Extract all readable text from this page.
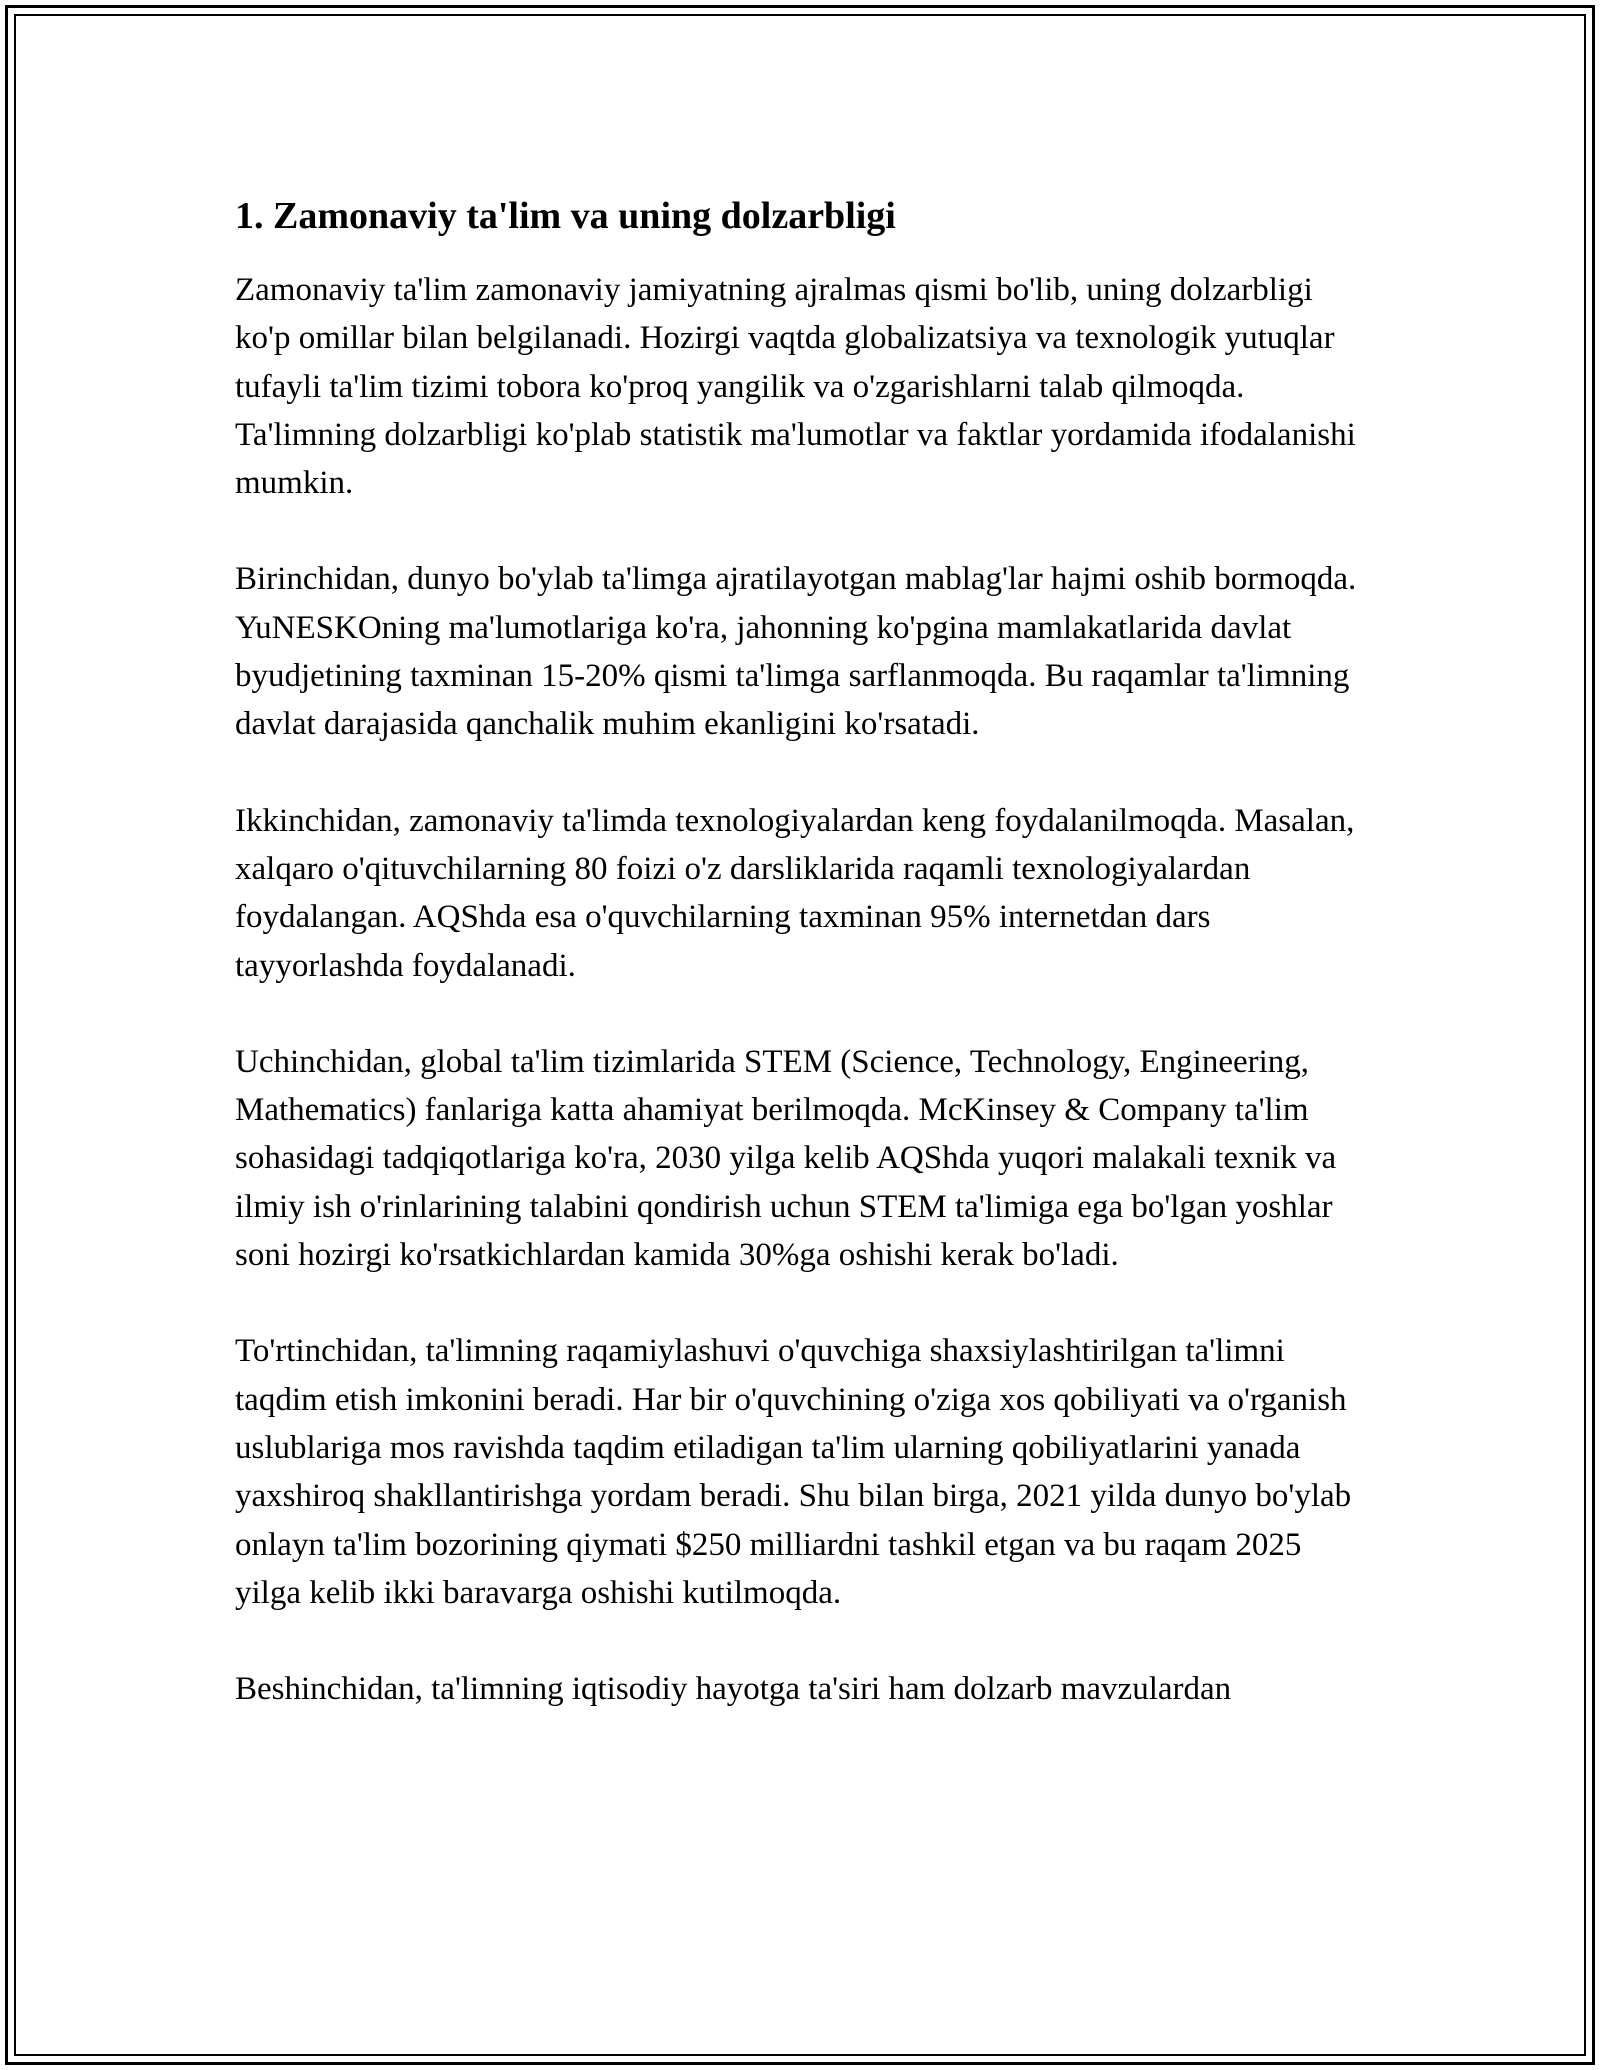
1. Zamonaviy ta'lim va uning dolzarbligi

Zamonaviy ta'lim zamonaviy jamiyatning ajralmas qismi bo'lib, uning dolzarbligi ko'p omillar bilan belgilanadi. Hozirgi vaqtda globalizatsiya va texnologik yutuqlar tufayli ta'lim tizimi tobora ko'proq yangilik va o'zgarishlarni talab qilmoqda. Ta'limning dolzarbligi ko'plab statistik ma'lumotlar va faktlar yordamida ifodalanishi mumkin.

Birinchidan, dunyo bo'ylab ta'limga ajratilayotgan mablag'lar hajmi oshib bormoqda. YuNESKOning ma'lumotlariga ko'ra, jahonning ko'pgina mamlakatlarida davlat byudjetining taxminan 15-20% qismi ta'limga sarflanmoqda. Bu raqamlar ta'limning davlat darajasida qanchalik muhim ekanligini ko'rsatadi.

Ikkinchidan, zamonaviy ta'limda texnologiyalardan keng foydalanilmoqda. Masalan, xalqaro o'qituvchilarning 80 foizi o'z darsliklarida raqamli texnologiyalardan foydalangan. AQShda esa o'quvchilarning taxminan 95% internetdan dars tayyorlashda foydalanadi.

Uchinchidan, global ta'lim tizimlarida STEM (Science, Technology, Engineering, Mathematics) fanlariga katta ahamiyat berilmoqda. McKinsey & Company ta'lim sohasidagi tadqiqotlariga ko'ra, 2030 yilga kelib AQShda yuqori malakali texnik va ilmiy ish o'rinlarining talabini qondirish uchun STEM ta'limiga ega bo'lgan yoshlar soni hozirgi ko'rsatkichlardan kamida 30%ga oshishi kerak bo'ladi.

To'rtinchidan, ta'limning raqamiylashuvi o'quvchiga shaxsiylashtirilgan ta'limni taqdim etish imkonini beradi. Har bir o'quvchining o'ziga xos qobiliyati va o'rganish uslublariga mos ravishda taqdim etiladigan ta'lim ularning qobiliyatlarini yanada yaxshiroq shakllantirishga yordam beradi. Shu bilan birga, 2021 yilda dunyo bo'ylab onlayn ta'lim bozorining qiymati $250 milliardni tashkil etgan va bu raqam 2025 yilga kelib ikki baravarga oshishi kutilmoqda.

Beshinchidan, ta'limning iqtisodiy hayotga ta'siri ham dolzarb mavzulardan
